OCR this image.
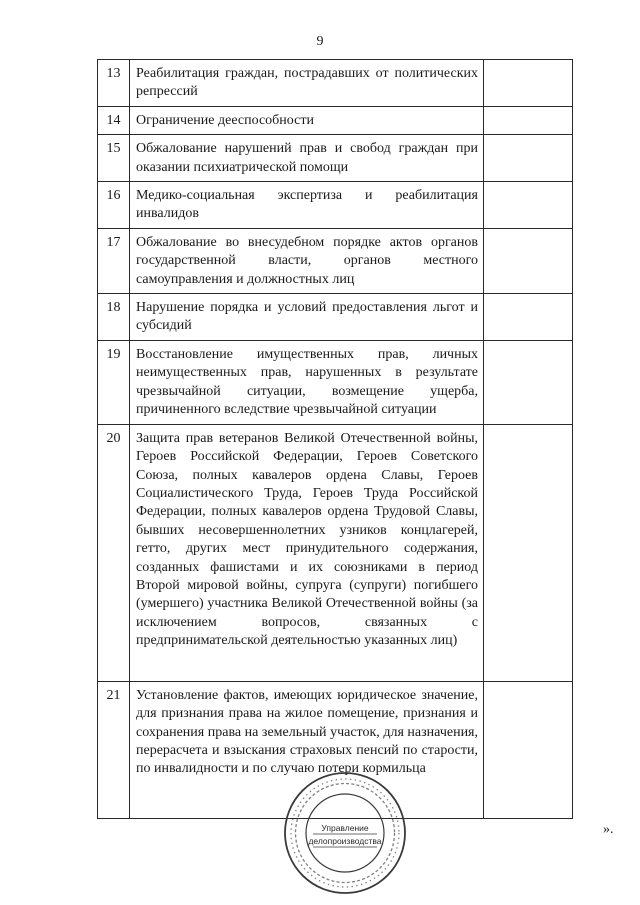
9
13	Реабилитация граждан, пострадавших от политических репрессий	
14	Ограничение дееспособности	
15	Обжалование нарушений прав и свобод граждан при оказании психиатрической помощи	
16	Медико-социальная экспертиза и реабилитация инвалидов	
17	Обжалование во внесудебном порядке актов органов государственной власти, органов местного самоуправления и должностных лиц	
18	Нарушение порядка и условий предоставления льгот и субсидий	
19	Восстановление имущественных прав, личных неимущественных прав, нарушенных в результате чрезвычайной ситуации, возмещение ущерба, причиненного вследствие чрезвычайной ситуации	
20	Защита прав ветеранов Великой Отечественной войны, Героев Российской Федерации, Героев Советского Союза, полных кавалеров ордена Славы, Героев Социалистического Труда, Героев Труда Российской Федерации, полных кавалеров ордена Трудовой Славы, бывших несовершеннолетних узников концлагерей, гетто, других мест принудительного содержания, созданных фашистами и их союзниками в период Второй мировой войны, супруга (супруги) погибшего (умершего) участника Великой Отечественной войны (за исключением вопросов, связанных с предпринимательской деятельностью указанных лиц)	
21	Установление фактов, имеющих юридическое значение, для признания права на жилое помещение, признания и сохранения права на земельный участок, для назначения, перерасчета и взыскания страховых пенсий по старости, по инвалидности и по случаю потери кормильца	
».
Управление
делопроизводства
